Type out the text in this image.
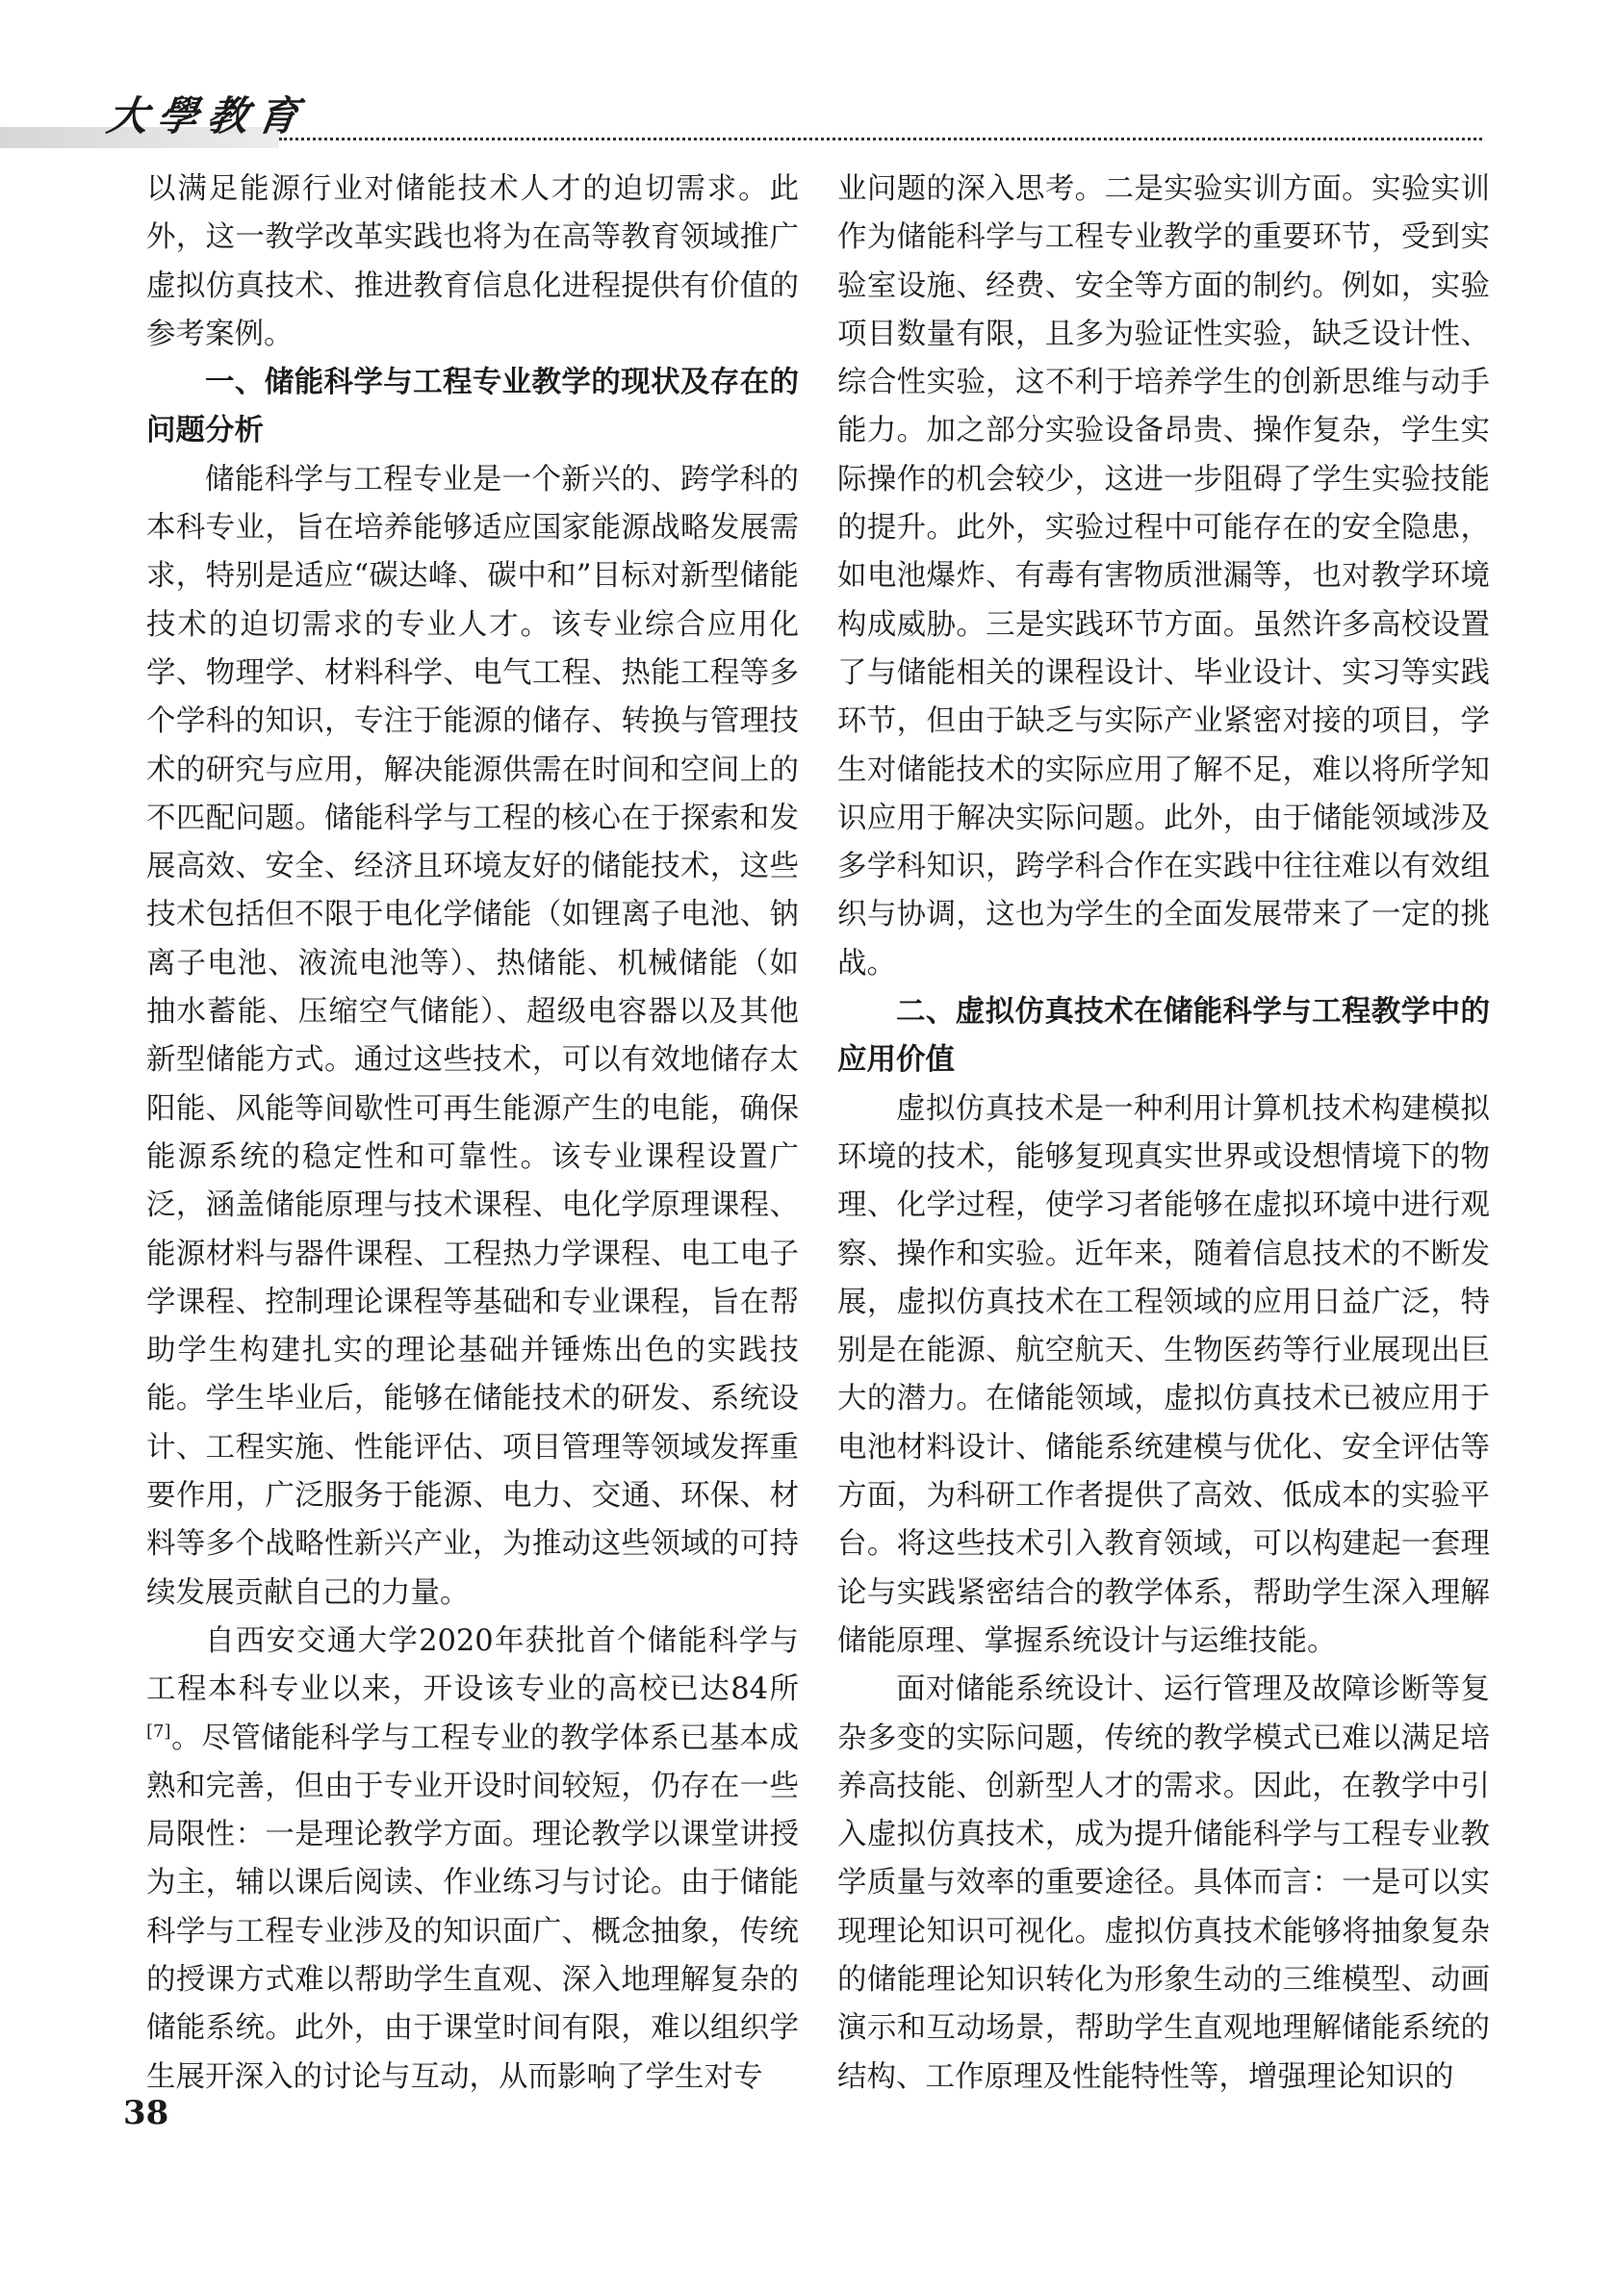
大學教育

以满足能源行业对储能技术人才的迫切需求。此外，这一教学改革实践也将为在高等教育领域推广虚拟仿真技术、推进教育信息化进程提供有价值的参考案例。

一、储能科学与工程专业教学的现状及存在的问题分析

储能科学与工程专业是一个新兴的、跨学科的本科专业，旨在培养能够适应国家能源战略发展需求，特别是适应“碳达峰、碳中和”目标对新型储能技术的迫切需求的专业人才。该专业综合应用化学、物理学、材料科学、电气工程、热能工程等多个学科的知识，专注于能源的储存、转换与管理技术的研究与应用，解决能源供需在时间和空间上的不匹配问题。储能科学与工程的核心在于探索和发展高效、安全、经济且环境友好的储能技术，这些技术包括但不限于电化学储能（如锂离子电池、钠离子电池、液流电池等）、热储能、机械储能（如抽水蓄能、压缩空气储能）、超级电容器以及其他新型储能方式。通过这些技术，可以有效地储存太阳能、风能等间歇性可再生能源产生的电能，确保能源系统的稳定性和可靠性。该专业课程设置广泛，涵盖储能原理与技术课程、电化学原理课程、能源材料与器件课程、工程热力学课程、电工电子学课程、控制理论课程等基础和专业课程，旨在帮助学生构建扎实的理论基础并锤炼出色的实践技能。学生毕业后，能够在储能技术的研发、系统设计、工程实施、性能评估、项目管理等领域发挥重要作用，广泛服务于能源、电力、交通、环保、材料等多个战略性新兴产业，为推动这些领域的可持续发展贡献自己的力量。

自西安交通大学2020年获批首个储能科学与工程本科专业以来，开设该专业的高校已达84所[7]。尽管储能科学与工程专业的教学体系已基本成熟和完善，但由于专业开设时间较短，仍存在一些局限性：一是理论教学方面。理论教学以课堂讲授为主，辅以课后阅读、作业练习与讨论。由于储能科学与工程专业涉及的知识面广、概念抽象，传统的授课方式难以帮助学生直观、深入地理解复杂的储能系统。此外，由于课堂时间有限，难以组织学生展开深入的讨论与互动，从而影响了学生对专

业问题的深入思考。二是实验实训方面。实验实训作为储能科学与工程专业教学的重要环节，受到实验室设施、经费、安全等方面的制约。例如，实验项目数量有限，且多为验证性实验，缺乏设计性、综合性实验，这不利于培养学生的创新思维与动手能力。加之部分实验设备昂贵、操作复杂，学生实际操作的机会较少，这进一步阻碍了学生实验技能的提升。此外，实验过程中可能存在的安全隐患，如电池爆炸、有毒有害物质泄漏等，也对教学环境构成威胁。三是实践环节方面。虽然许多高校设置了与储能相关的课程设计、毕业设计、实习等实践环节，但由于缺乏与实际产业紧密对接的项目，学生对储能技术的实际应用了解不足，难以将所学知识应用于解决实际问题。此外，由于储能领域涉及多学科知识，跨学科合作在实践中往往难以有效组织与协调，这也为学生的全面发展带来了一定的挑战。

二、虚拟仿真技术在储能科学与工程教学中的应用价值

虚拟仿真技术是一种利用计算机技术构建模拟环境的技术，能够复现真实世界或设想情境下的物理、化学过程，使学习者能够在虚拟环境中进行观察、操作和实验。近年来，随着信息技术的不断发展，虚拟仿真技术在工程领域的应用日益广泛，特别是在能源、航空航天、生物医药等行业展现出巨大的潜力。在储能领域，虚拟仿真技术已被应用于电池材料设计、储能系统建模与优化、安全评估等方面，为科研工作者提供了高效、低成本的实验平台。将这些技术引入教育领域，可以构建起一套理论与实践紧密结合的教学体系，帮助学生深入理解储能原理、掌握系统设计与运维技能。

面对储能系统设计、运行管理及故障诊断等复杂多变的实际问题，传统的教学模式已难以满足培养高技能、创新型人才的需求。因此，在教学中引入虚拟仿真技术，成为提升储能科学与工程专业教学质量与效率的重要途径。具体而言：一是可以实现理论知识可视化。虚拟仿真技术能够将抽象复杂的储能理论知识转化为形象生动的三维模型、动画演示和互动场景，帮助学生直观地理解储能系统的结构、工作原理及性能特性等，增强理论知识的

38
